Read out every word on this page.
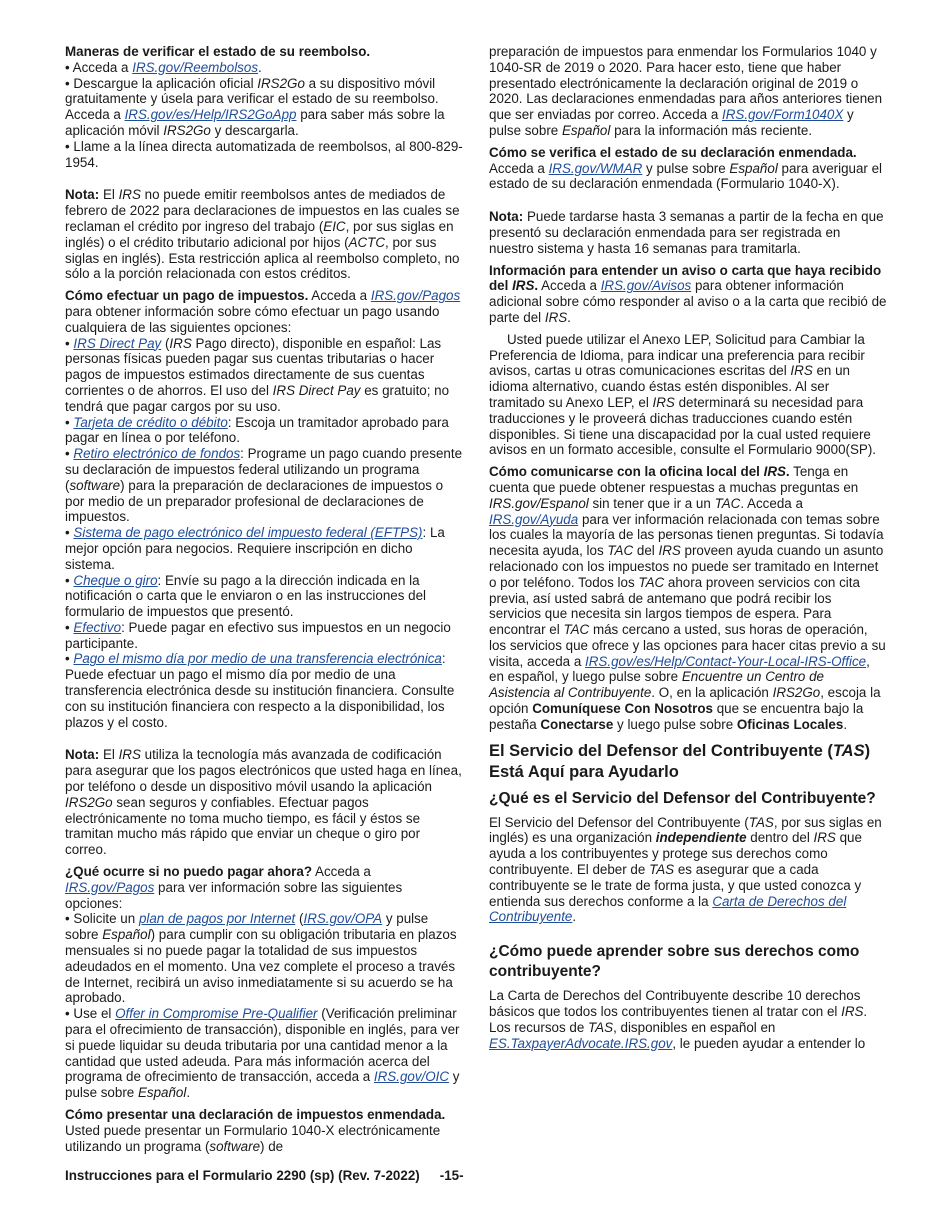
Maneras de verificar el estado de su reembolso.
• Acceda a IRS.gov/Reembolsos.
• Descargue la aplicación oficial IRS2Go a su dispositivo móvil gratuitamente y úsela para verificar el estado de su reembolso. Acceda a IRS.gov/es/Help/IRS2GoApp para saber más sobre la aplicación móvil IRS2Go y descargarla.
• Llame a la línea directa automatizada de reembolsos, al 800-829-1954.

Nota: El IRS no puede emitir reembolsos antes de mediados de febrero de 2022 para declaraciones de impuestos en las cuales se reclaman el crédito por ingreso del trabajo (EIC, por sus siglas en inglés) o el crédito tributario adicional por hijos (ACTC, por sus siglas en inglés). Esta restricción aplica al reembolso completo, no sólo a la porción relacionada con estos créditos.

Cómo efectuar un pago de impuestos. Acceda a IRS.gov/Pagos para obtener información sobre cómo efectuar un pago usando cualquiera de las siguientes opciones:
• IRS Direct Pay (IRS Pago directo), disponible en español: Las personas físicas pueden pagar sus cuentas tributarias o hacer pagos de impuestos estimados directamente de sus cuentas corrientes o de ahorros. El uso del IRS Direct Pay es gratuito; no tendrá que pagar cargos por su uso.
• Tarjeta de crédito o débito: Escoja un tramitador aprobado para pagar en línea o por teléfono.
• Retiro electrónico de fondos: Programe un pago cuando presente su declaración de impuestos federal utilizando un programa (software) para la preparación de declaraciones de impuestos o por medio de un preparador profesional de declaraciones de impuestos.
• Sistema de pago electrónico del impuesto federal (EFTPS): La mejor opción para negocios. Requiere inscripción en dicho sistema.
• Cheque o giro: Envíe su pago a la dirección indicada en la notificación o carta que le enviaron o en las instrucciones del formulario de impuestos que presentó.
• Efectivo: Puede pagar en efectivo sus impuestos en un negocio participante.
• Pago el mismo día por medio de una transferencia electrónica: Puede efectuar un pago el mismo día por medio de una transferencia electrónica desde su institución financiera. Consulte con su institución financiera con respecto a la disponibilidad, los plazos y el costo.

Nota: El IRS utiliza la tecnología más avanzada de codificación para asegurar que los pagos electrónicos que usted haga en línea, por teléfono o desde un dispositivo móvil usando la aplicación IRS2Go sean seguros y confiables. Efectuar pagos electrónicamente no toma mucho tiempo, es fácil y éstos se tramitan mucho más rápido que enviar un cheque o giro por correo.

¿Qué ocurre si no puedo pagar ahora? Acceda a IRS.gov/Pagos para ver información sobre las siguientes opciones:
• Solicite un plan de pagos por Internet (IRS.gov/OPA y pulse sobre Español) para cumplir con su obligación tributaria en plazos mensuales si no puede pagar la totalidad de sus impuestos adeudados en el momento. Una vez complete el proceso a través de Internet, recibirá un aviso inmediatamente si su acuerdo se ha aprobado.
• Use el Offer in Compromise Pre-Qualifier (Verificación preliminar para el ofrecimiento de transacción), disponible en inglés, para ver si puede liquidar su deuda tributaria por una cantidad menor a la cantidad que usted adeuda. Para más información acerca del programa de ofrecimiento de transacción, acceda a IRS.gov/OIC y pulse sobre Español.

Cómo presentar una declaración de impuestos enmendada. Usted puede presentar un Formulario 1040-X electrónicamente utilizando un programa (software) de

preparación de impuestos para enmendar los Formularios 1040 y 1040-SR de 2019 o 2020. Para hacer esto, tiene que haber presentado electrónicamente la declaración original de 2019 o 2020. Las declaraciones enmendadas para años anteriores tienen que ser enviadas por correo. Acceda a IRS.gov/Form1040X y pulse sobre Español para la información más reciente.

Cómo se verifica el estado de su declaración enmendada. Acceda a IRS.gov/WMAR y pulse sobre Español para averiguar el estado de su declaración enmendada (Formulario 1040-X).

Nota: Puede tardarse hasta 3 semanas a partir de la fecha en que presentó su declaración enmendada para ser registrada en nuestro sistema y hasta 16 semanas para tramitarla.

Información para entender un aviso o carta que haya recibido del IRS. Acceda a IRS.gov/Avisos para obtener información adicional sobre cómo responder al aviso o a la carta que recibió de parte del IRS.

Usted puede utilizar el Anexo LEP, Solicitud para Cambiar la Preferencia de Idioma, para indicar una preferencia para recibir avisos, cartas u otras comunicaciones escritas del IRS en un idioma alternativo, cuando éstas estén disponibles. Al ser tramitado su Anexo LEP, el IRS determinará su necesidad para traducciones y le proveerá dichas traducciones cuando estén disponibles. Si tiene una discapacidad por la cual usted requiere avisos en un formato accesible, consulte el Formulario 9000(SP).

Cómo comunicarse con la oficina local del IRS. Tenga en cuenta que puede obtener respuestas a muchas preguntas en IRS.gov/Espanol sin tener que ir a un TAC. Acceda a IRS.gov/Ayuda para ver información relacionada con temas sobre los cuales la mayoría de las personas tienen preguntas. Si todavía necesita ayuda, los TAC del IRS proveen ayuda cuando un asunto relacionado con los impuestos no puede ser tramitado en Internet o por teléfono. Todos los TAC ahora proveen servicios con cita previa, así usted sabrá de antemano que podrá recibir los servicios que necesita sin largos tiempos de espera. Para encontrar el TAC más cercano a usted, sus horas de operación, los servicios que ofrece y las opciones para hacer citas previo a su visita, acceda a IRS.gov/es/Help/Contact-Your-Local-IRS-Office, en español, y luego pulse sobre Encuentre un Centro de Asistencia al Contribuyente. O, en la aplicación IRS2Go, escoja la opción Comuníquese Con Nosotros que se encuentra bajo la pestaña Conectarse y luego pulse sobre Oficinas Locales.

El Servicio del Defensor del Contribuyente (TAS) Está Aquí para Ayudarlo
¿Qué es el Servicio del Defensor del Contribuyente?

El Servicio del Defensor del Contribuyente (TAS, por sus siglas en inglés) es una organización independiente dentro del IRS que ayuda a los contribuyentes y protege sus derechos como contribuyente. El deber de TAS es asegurar que a cada contribuyente se le trate de forma justa, y que usted conozca y entienda sus derechos conforme a la Carta de Derechos del Contribuyente.

¿Cómo puede aprender sobre sus derechos como contribuyente?

La Carta de Derechos del Contribuyente describe 10 derechos básicos que todos los contribuyentes tienen al tratar con el IRS. Los recursos de TAS, disponibles en español en ES.TaxpayerAdvocate.IRS.gov, le pueden ayudar a entender lo

Instrucciones para el Formulario 2290 (sp) (Rev. 7-2022) -15-
